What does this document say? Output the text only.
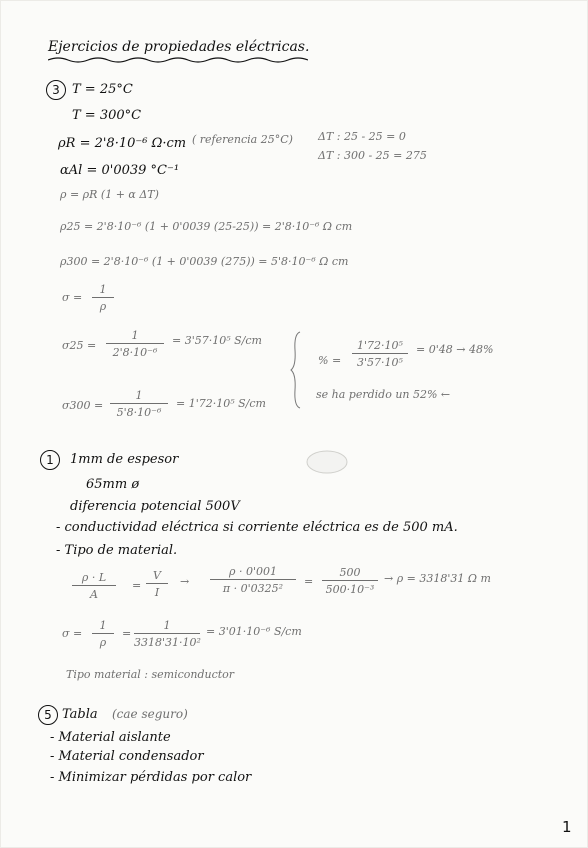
Ejercicios de propiedades eléctricas.
3 T = 25°C
T = 300°C
ρR = 2'8·10⁻⁶ Ω·cm ( referencia 25°C) ΔT : 25 - 25 = 0
ΔT : 300 - 25 = 275
αAl = 0'0039 °C⁻¹
ρ = ρR (1 + α ΔT)
ρ25 = 2'8·10⁻⁶ (1 + 0'0039 (25-25)) = 2'8·10⁻⁶ Ω cm
ρ300 = 2'8·10⁻⁶ (1 + 0'0039 (275)) = 5'8·10⁻⁶ Ω cm
$\sigma = \frac{1}{\rho}$
$\sigma 25 = \frac{1}{\text{2'8·10⁻⁶}} = 3'57\cdot 10^5$ S/cm
$\sigma 300 = \frac{1}{\text{5'8·10⁻⁶}} = 1'72\cdot 10^5$ S/cm
% = $\frac{\text{1'72·10⁵}}{\text{3'57·10⁵}} = 0'48 \to 48\%$
se ha perdido un 52% ←
1	1mm de espesor
65mm ø
diferencia potencial 500V
- conductividad eléctrica si corriente eléctrica es de 500 mA.
- Tipo de material.
$\frac{\rho \cdot L}{A} = \frac{V}{I} \to \frac{\rho \cdot 0'001}{\text{π · 0'0325²}} = \frac{500}{\text{500·10⁻³}} \to \rho = 3318'31$ Ω m
$\sigma = \frac{1}{\rho} = \frac{1}{\text{3318'31·10²}} = 3'01\cdot 10^{-6}$ S/cm
Tipo material : semiconductor
5 Tabla (cae seguro)
- Material aislante
- Material condensador
- Minimizar pérdidas por calor
1
